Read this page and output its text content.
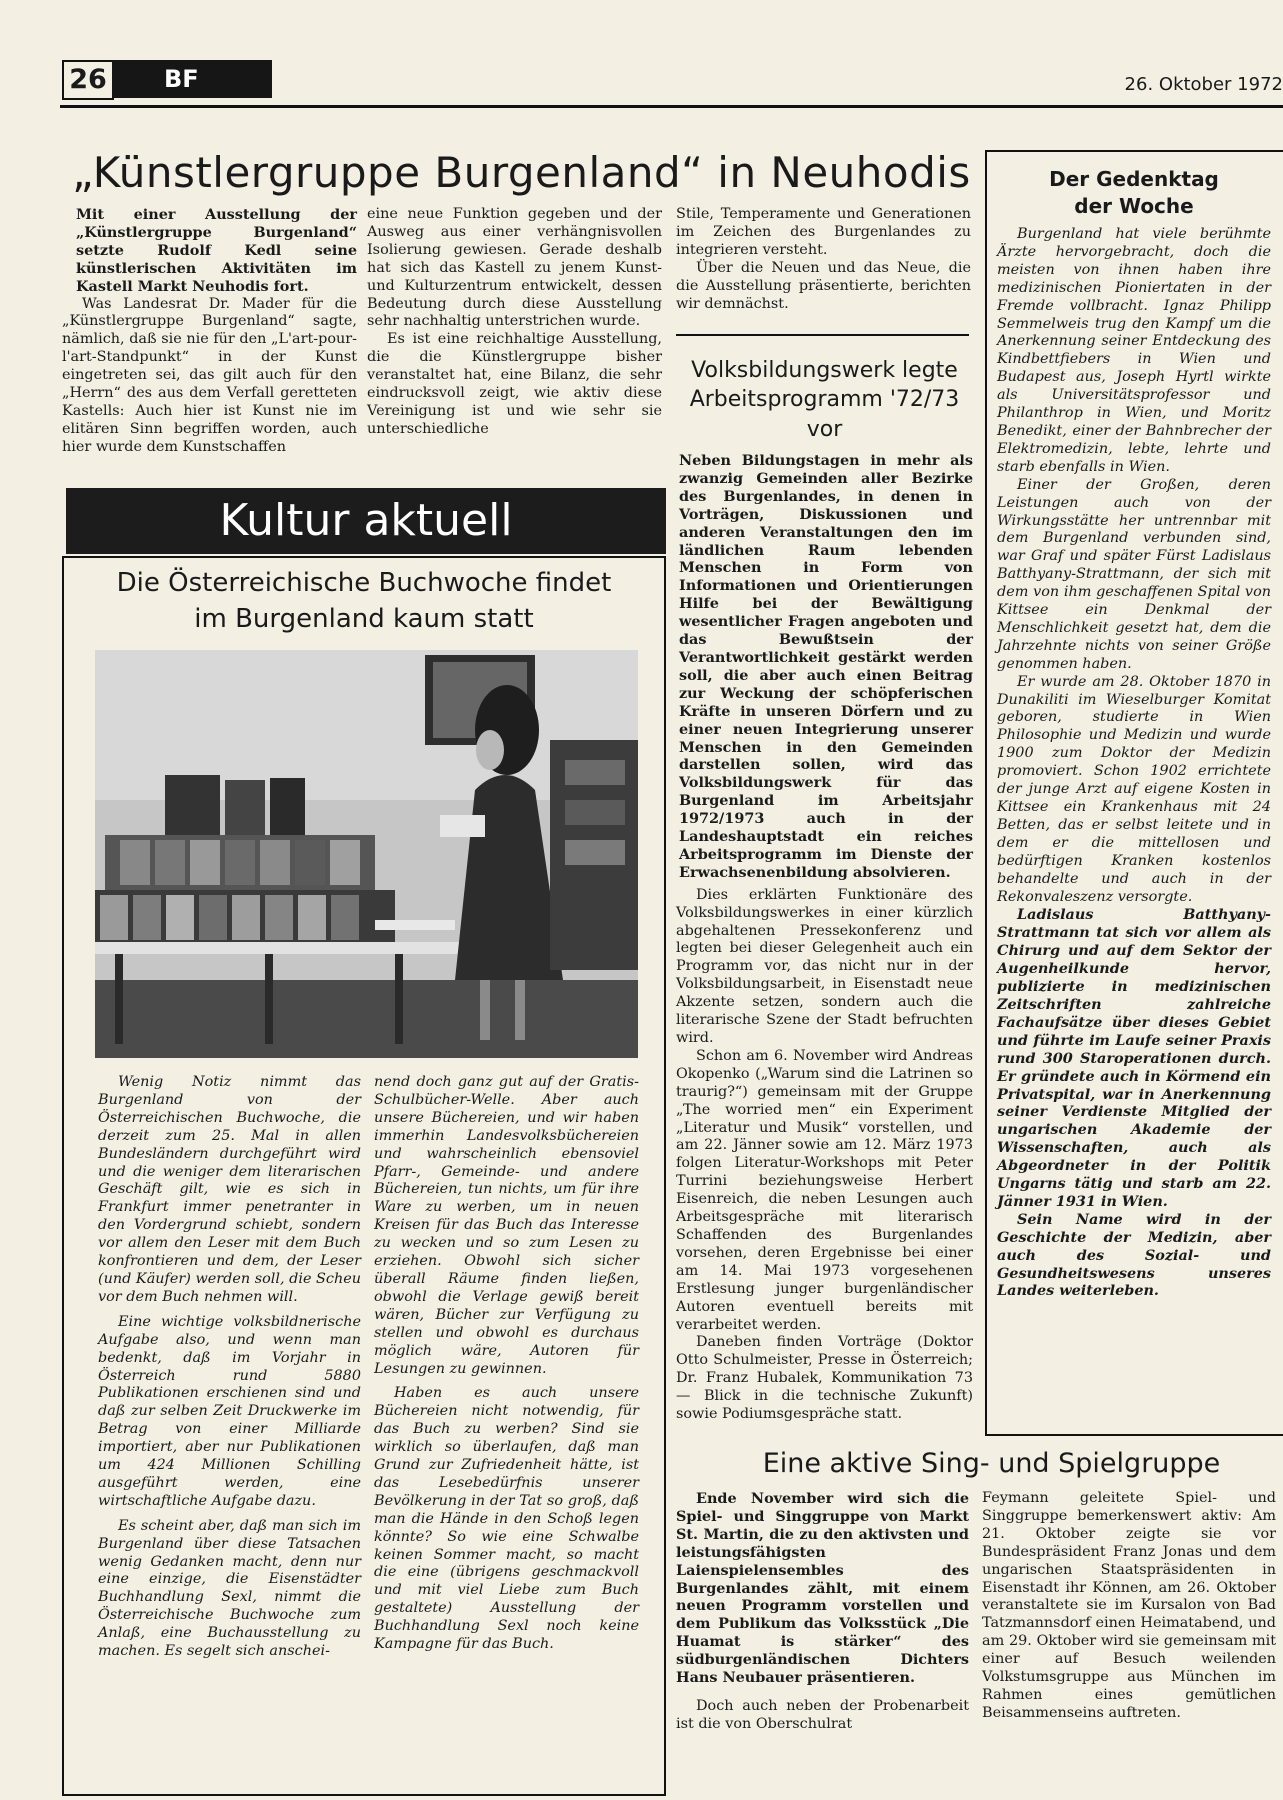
26	BF	26. Oktober 1972
„Künstlergruppe Burgenland“ in Neuhodis

Mit einer Ausstellung der „Künstlergruppe Burgenland“ setzte Rudolf Kedl seine künstlerischen Aktivitäten im Kastell Markt Neuhodis fort.

Was Landesrat Dr. Mader für die „Künstlergruppe Burgenland“ sagte, nämlich, daß sie nie für den „L'art-pour-l'art-Standpunkt“ in der Kunst eingetreten sei, das gilt auch für den „Herrn“ des aus dem Verfall geretteten Kastells: Auch hier ist Kunst nie im elitären Sinn begriffen worden, auch hier wurde dem Kunstschaffen

eine neue Funktion gegeben und der Ausweg aus einer verhängnisvollen Isolierung gewiesen. Gerade deshalb hat sich das Kastell zu jenem Kunst- und Kulturzentrum entwickelt, dessen Bedeutung durch diese Ausstellung sehr nachhaltig unterstrichen wurde.

Es ist eine reichhaltige Ausstellung, die die Künstlergruppe bisher veranstaltet hat, eine Bilanz, die sehr eindrucksvoll zeigt, wie aktiv diese Vereinigung ist und wie sehr sie unterschiedliche

Stile, Temperamente und Generationen im Zeichen des Burgenlandes zu integrieren versteht.

Über die Neuen und das Neue, die die Ausstellung präsentierte, berichten wir demnächst.

Volksbildungswerk legte
Arbeitsprogramm '72/73 vor

Neben Bildungstagen in mehr als zwanzig Gemeinden aller Bezirke des Burgenlandes, in denen in Vorträgen, Diskussionen und anderen Veranstaltungen den im ländlichen Raum lebenden Menschen in Form von Informationen und Orientierungen Hilfe bei der Bewältigung wesentlicher Fragen angeboten und das Bewußtsein der Verantwortlichkeit gestärkt werden soll, die aber auch einen Beitrag zur Weckung der schöpferischen Kräfte in unseren Dörfern und zu einer neuen Integrierung unserer Menschen in den Gemeinden darstellen sollen, wird das Volksbildungswerk für das Burgenland im Arbeitsjahr 1972/1973 auch in der Landeshauptstadt ein reiches Arbeitsprogramm im Dienste der Erwachsenenbildung absolvieren.

Dies erklärten Funktionäre des Volksbildungswerkes in einer kürzlich abgehaltenen Pressekonferenz und legten bei dieser Gelegenheit auch ein Programm vor, das nicht nur in der Volksbildungsarbeit, in Eisenstadt neue Akzente setzen, sondern auch die literarische Szene der Stadt befruchten wird.

Schon am 6. November wird Andreas Okopenko („Warum sind die Latrinen so traurig?“) gemeinsam mit der Gruppe „The worried men“ ein Experiment „Literatur und Musik“ vorstellen, und am 22. Jänner sowie am 12. März 1973 folgen Literatur-Workshops mit Peter Turrini beziehungsweise Herbert Eisenreich, die neben Lesungen auch Arbeitsgespräche mit literarisch Schaffenden des Burgenlandes vorsehen, deren Ergebnisse bei einer am 14. Mai 1973 vorgesehenen Erstlesung junger burgenländischer Autoren eventuell bereits mit verarbeitet werden.

Daneben finden Vorträge (Doktor Otto Schulmeister, Presse in Österreich; Dr. Franz Hubalek, Kommunikation 73 — Blick in die technische Zukunft) sowie Podiumsgespräche statt.

Kultur aktuell
Die Österreichische Buchwoche findet
im Burgenland kaum statt

Wenig Notiz nimmt das Burgenland von der Österreichischen Buchwoche, die derzeit zum 25. Mal in allen Bundesländern durchgeführt wird und die weniger dem literarischen Geschäft gilt, wie es sich in Frankfurt immer penetranter in den Vordergrund schiebt, sondern vor allem den Leser mit dem Buch konfrontieren und dem, der Leser (und Käufer) werden soll, die Scheu vor dem Buch nehmen will.

Eine wichtige volksbildnerische Aufgabe also, und wenn man bedenkt, daß im Vorjahr in Österreich rund 5880 Publikationen erschienen sind und daß zur selben Zeit Druckwerke im Betrag von einer Milliarde importiert, aber nur Publikationen um 424 Millionen Schilling ausgeführt werden, eine wirtschaftliche Aufgabe dazu.

Es scheint aber, daß man sich im Burgenland über diese Tatsachen wenig Gedanken macht, denn nur eine einzige, die Eisenstädter Buchhandlung Sexl, nimmt die Österreichische Buchwoche zum Anlaß, eine Buchausstellung zu machen. Es segelt sich anschei-

nend doch ganz gut auf der Gratis-Schulbücher-Welle. Aber auch unsere Büchereien, und wir haben immerhin Landesvolksbüchereien und wahrscheinlich ebensoviel Pfarr-, Gemeinde- und andere Büchereien, tun nichts, um für ihre Ware zu werben, um in neuen Kreisen für das Buch das Interesse zu wecken und so zum Lesen zu erziehen. Obwohl sich sicher überall Räume finden ließen, obwohl die Verlage gewiß bereit wären, Bücher zur Verfügung zu stellen und obwohl es durchaus möglich wäre, Autoren für Lesungen zu gewinnen.

Haben es auch unsere Büchereien nicht notwendig, für das Buch zu werben? Sind sie wirklich so überlaufen, daß man Grund zur Zufriedenheit hätte, ist das Lesebedürfnis unserer Bevölkerung in der Tat so groß, daß man die Hände in den Schoß legen könnte? So wie eine Schwalbe keinen Sommer macht, so macht die eine (übrigens geschmackvoll und mit viel Liebe zum Buch gestaltete) Ausstellung der Buchhandlung Sexl noch keine Kampagne für das Buch.

Der Gedenktag
der Woche

Burgenland hat viele berühmte Ärzte hervorgebracht, doch die meisten von ihnen haben ihre medizinischen Pioniertaten in der Fremde vollbracht. Ignaz Philipp Semmelweis trug den Kampf um die Anerkennung seiner Entdeckung des Kindbettfiebers in Wien und Budapest aus, Joseph Hyrtl wirkte als Universitätsprofessor und Philanthrop in Wien, und Moritz Benedikt, einer der Bahnbrecher der Elektromedizin, lebte, lehrte und starb ebenfalls in Wien.

Einer der Großen, deren Leistungen auch von der Wirkungsstätte her untrennbar mit dem Burgenland verbunden sind, war Graf und später Fürst Ladislaus Batthyany-Strattmann, der sich mit dem von ihm geschaffenen Spital von Kittsee ein Denkmal der Menschlichkeit gesetzt hat, dem die Jahrzehnte nichts von seiner Größe genommen haben.

Er wurde am 28. Oktober 1870 in Dunakiliti im Wieselburger Komitat geboren, studierte in Wien Philosophie und Medizin und wurde 1900 zum Doktor der Medizin promoviert. Schon 1902 errichtete der junge Arzt auf eigene Kosten in Kittsee ein Krankenhaus mit 24 Betten, das er selbst leitete und in dem er die mittellosen und bedürftigen Kranken kostenlos behandelte und auch in der Rekonvaleszenz versorgte.

Ladislaus Batthyany-Strattmann tat sich vor allem als Chirurg und auf dem Sektor der Augenheilkunde hervor, publizierte in medizinischen Zeitschriften zahlreiche Fachaufsätze über dieses Gebiet und führte im Laufe seiner Praxis rund 300 Staroperationen durch. Er gründete auch in Körmend ein Privatspital, war in Anerkennung seiner Verdienste Mitglied der ungarischen Akademie der Wissenschaften, auch als Abgeordneter in der Politik Ungarns tätig und starb am 22. Jänner 1931 in Wien.

Sein Name wird in der Geschichte der Medizin, aber auch des Sozial- und Gesundheitswesens unseres Landes weiterleben.

Eine aktive Sing- und Spielgruppe

Ende November wird sich die Spiel- und Singgruppe von Markt St. Martin, die zu den aktivsten und leistungsfähigsten Laienspielensembles des Burgenlandes zählt, mit einem neuen Programm vorstellen und dem Publikum das Volksstück „Die Huamat is stärker“ des südburgenländischen Dichters Hans Neubauer präsentieren.

Doch auch neben der Probenarbeit ist die von Oberschulrat

Feymann geleitete Spiel- und Singgruppe bemerkenswert aktiv: Am 21. Oktober zeigte sie vor Bundespräsident Franz Jonas und dem ungarischen Staatspräsidenten in Eisenstadt ihr Können, am 26. Oktober veranstaltete sie im Kursalon von Bad Tatzmannsdorf einen Heimatabend, und am 29. Oktober wird sie gemeinsam mit einer auf Besuch weilenden Volkstumsgruppe aus München im Rahmen eines gemütlichen Beisammenseins auftreten.
